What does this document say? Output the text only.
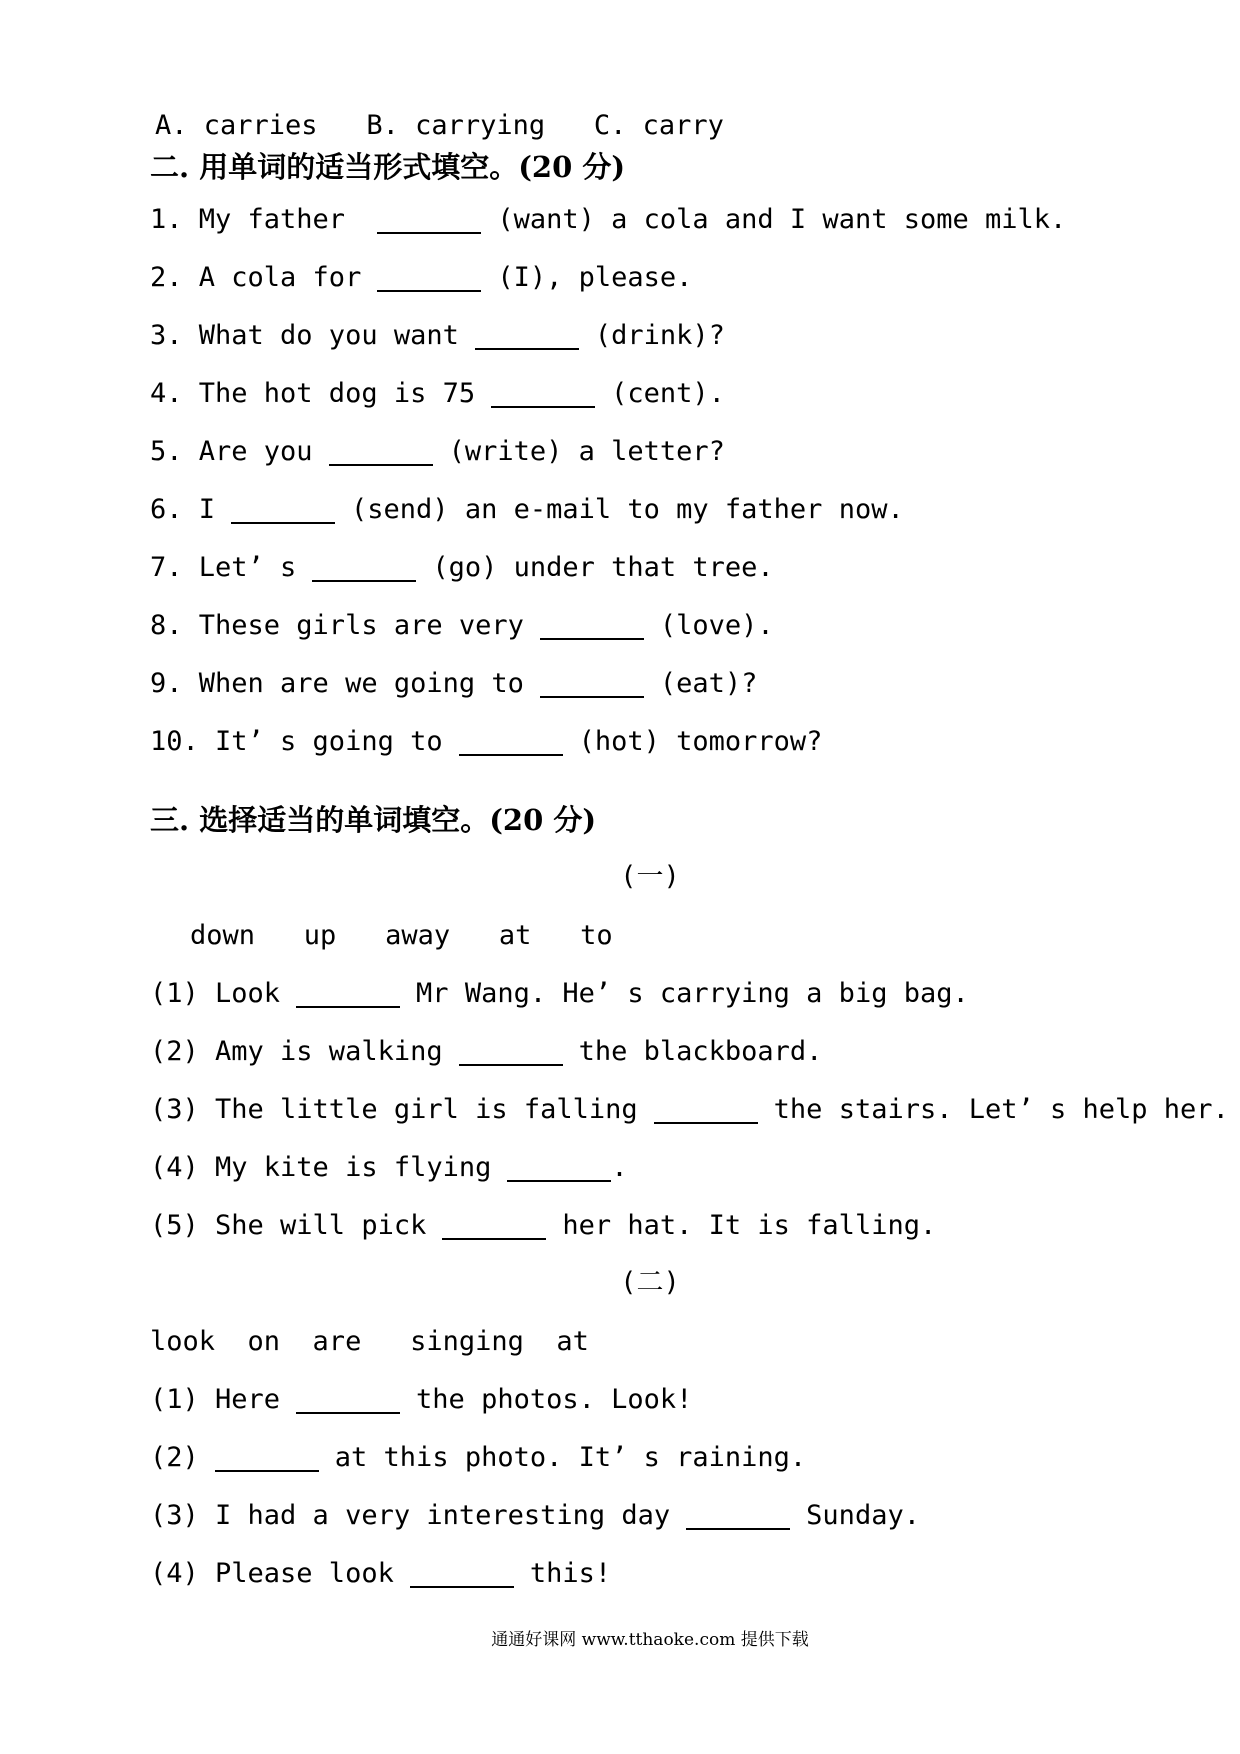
A. carries   B. carrying   C. carry
二. 用单词的适当形式填空。(20 分)
1. My father	(want) a cola and I want some milk.
2. A cola for	(I), please.
3. What do you want	(drink)?
4. The hot dog is 75	(cent).
5. Are you	(write) a letter?
6. I	(send) an e-mail to my father now.
7. Let’ s	(go) under that tree.
8. These girls are very	(love).
9. When are we going to	(eat)?
10. It’ s going to	(hot) tomorrow?
三. 选择适当的单词填空。(20 分)
(一)
down   up   away   at   to
(1) Look	Mr Wang. He’ s carrying a big bag.
(2) Amy is walking	the blackboard.
(3) The little girl is falling	the stairs. Let’ s help her.
(4) My kite is flying	.
(5) She will pick	her hat. It is falling.
(二)
look  on  are   singing  at
(1) Here	the photos. Look!
(2)	at this photo. It’ s raining.
(3) I had a very interesting day	Sunday.
(4) Please look	this!
通通好课网 www.tthaoke.com 提供下载
